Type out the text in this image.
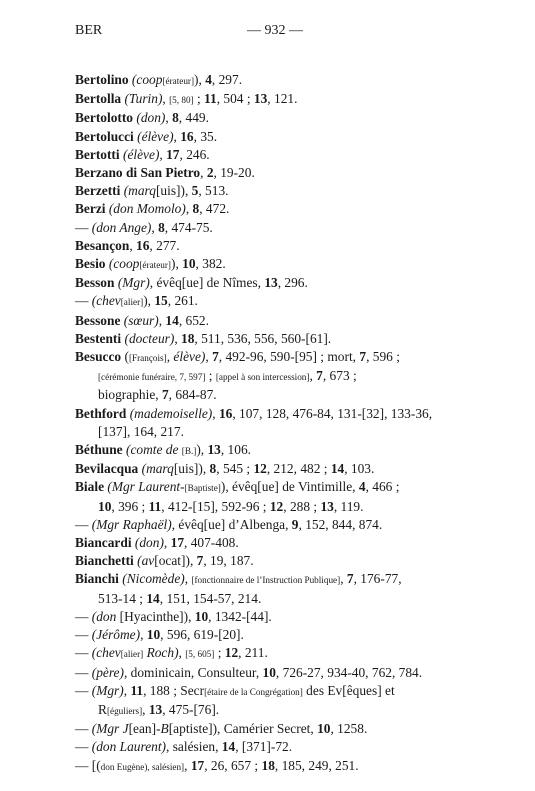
BER	— 932 —
Bertolino (coop[érateur]), 4, 297.
Bertolla (Turin), [5, 80] ; 11, 504 ; 13, 121.
Bertolotto (don), 8, 449.
Bertolucci (élève), 16, 35.
Bertotti (élève), 17, 246.
Berzano di San Pietro, 2, 19-20.
Berzetti (marq[uis]), 5, 513.
Berzi (don Momolo), 8, 472.
— (don Ange), 8, 474-75.
Besançon, 16, 277.
Besio (coop[érateur]), 10, 382.
Besson (Mgr), évêq[ue] de Nîmes, 13, 296.
— (chev[alier]), 15, 261.
Bessone (sœur), 14, 652.
Bestenti (docteur), 18, 511, 536, 556, 560-[61].
Besucco ([François], élève), 7, 492-96, 590-[95] ; mort, 7, 596 ;
[cérémonie funéraire, 7, 597] ; [appel à son intercession], 7, 673 ;
biographie, 7, 684-87.
Bethford (mademoiselle), 16, 107, 128, 476-84, 131-[32], 133-36,
[137], 164, 217.
Béthune (comte de [B.]), 13, 106.
Bevilacqua (marq[uis]), 8, 545 ; 12, 212, 482 ; 14, 103.
Biale (Mgr Laurent-[Baptiste]), évêq[ue] de Vintimille, 4, 466 ;
10, 396 ; 11, 412-[15], 592-96 ; 12, 288 ; 13, 119.
— (Mgr Raphaël), évêq[ue] d’Albenga, 9, 152, 844, 874.
Biancardi (don), 17, 407-408.
Bianchetti (av[ocat]), 7, 19, 187.
Bianchi (Nicomède), [fonctionnaire de l’Instruction Publique], 7, 176-77,
513-14 ; 14, 151, 154-57, 214.
— (don [Hyacinthe]), 10, 1342-[44].
— (Jérôme), 10, 596, 619-[20].
— (chev[alier] Roch), [5, 605] ; 12, 211.
— (père), dominicain, Consulteur, 10, 726-27, 934-40, 762, 784.
— (Mgr), 11, 188 ; Secr[étaire de la Congrégation] des Ev[êques] et
R[éguliers], 13, 475-[76].
— (Mgr J[ean]-B[aptiste]), Camérier Secret, 10, 1258.
— (don Laurent), salésien, 14, [371]-72.
— [(don Eugène), salésien], 17, 26, 657 ; 18, 185, 249, 251.
